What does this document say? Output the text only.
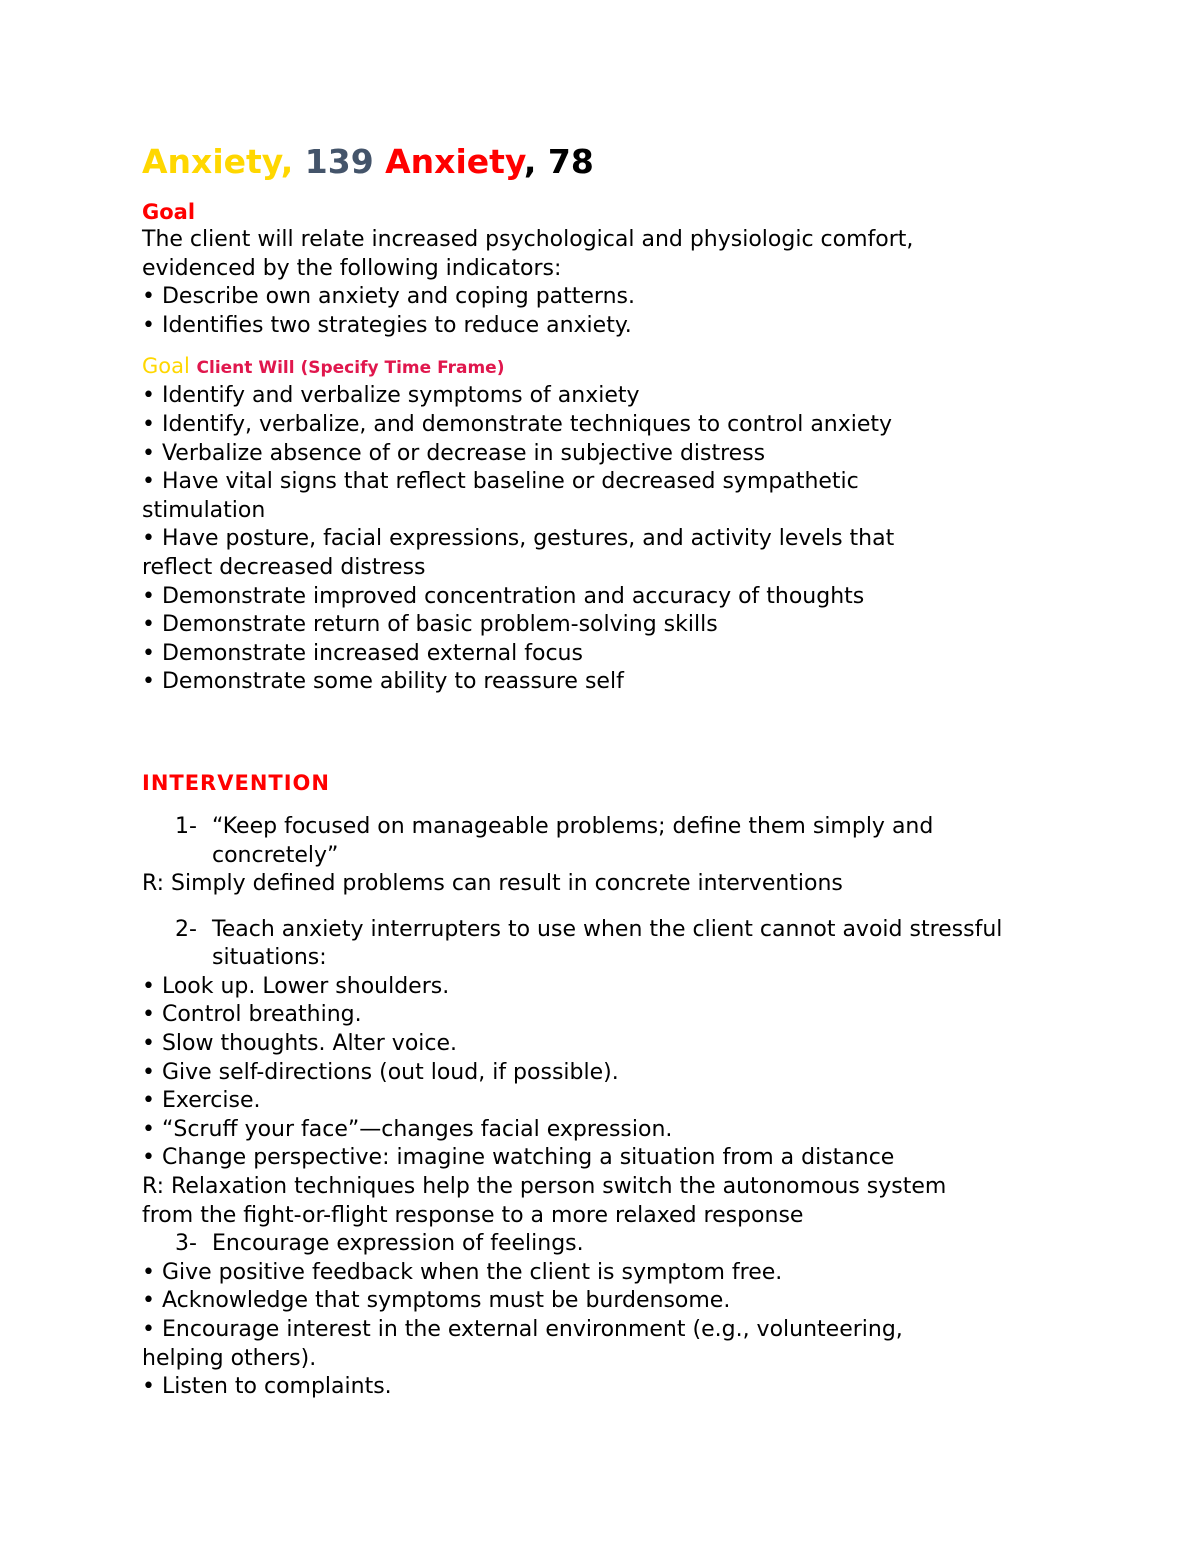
Anxiety, 139 Anxiety, 78
Goal
The client will relate increased psychological and physiologic comfort,
evidenced by the following indicators:
• Describe own anxiety and coping patterns.
• Identifies two strategies to reduce anxiety.
Goal Client Will (Specify Time Frame)
• Identify and verbalize symptoms of anxiety
• Identify, verbalize, and demonstrate techniques to control anxiety
• Verbalize absence of or decrease in subjective distress
• Have vital signs that reflect baseline or decreased sympathetic
stimulation
• Have posture, facial expressions, gestures, and activity levels that
reflect decreased distress
• Demonstrate improved concentration and accuracy of thoughts
• Demonstrate return of basic problem-solving skills
• Demonstrate increased external focus
• Demonstrate some ability to reassure self
INTERVENTION
1- “Keep focused on manageable problems; define them simply and concretely”
R: Simply defined problems can result in concrete interventions
2- Teach anxiety interrupters to use when the client cannot avoid stressful situations:
• Look up. Lower shoulders.
• Control breathing.
• Slow thoughts. Alter voice.
• Give self-directions (out loud, if possible).
• Exercise.
• “Scruff your face”—changes facial expression.
• Change perspective: imagine watching a situation from a distance
R: Relaxation techniques help the person switch the autonomous system
from the fight-or-flight response to a more relaxed response
3- Encourage expression of feelings.
• Give positive feedback when the client is symptom free.
• Acknowledge that symptoms must be burdensome.
• Encourage interest in the external environment (e.g., volunteering,
helping others).
• Listen to complaints.
